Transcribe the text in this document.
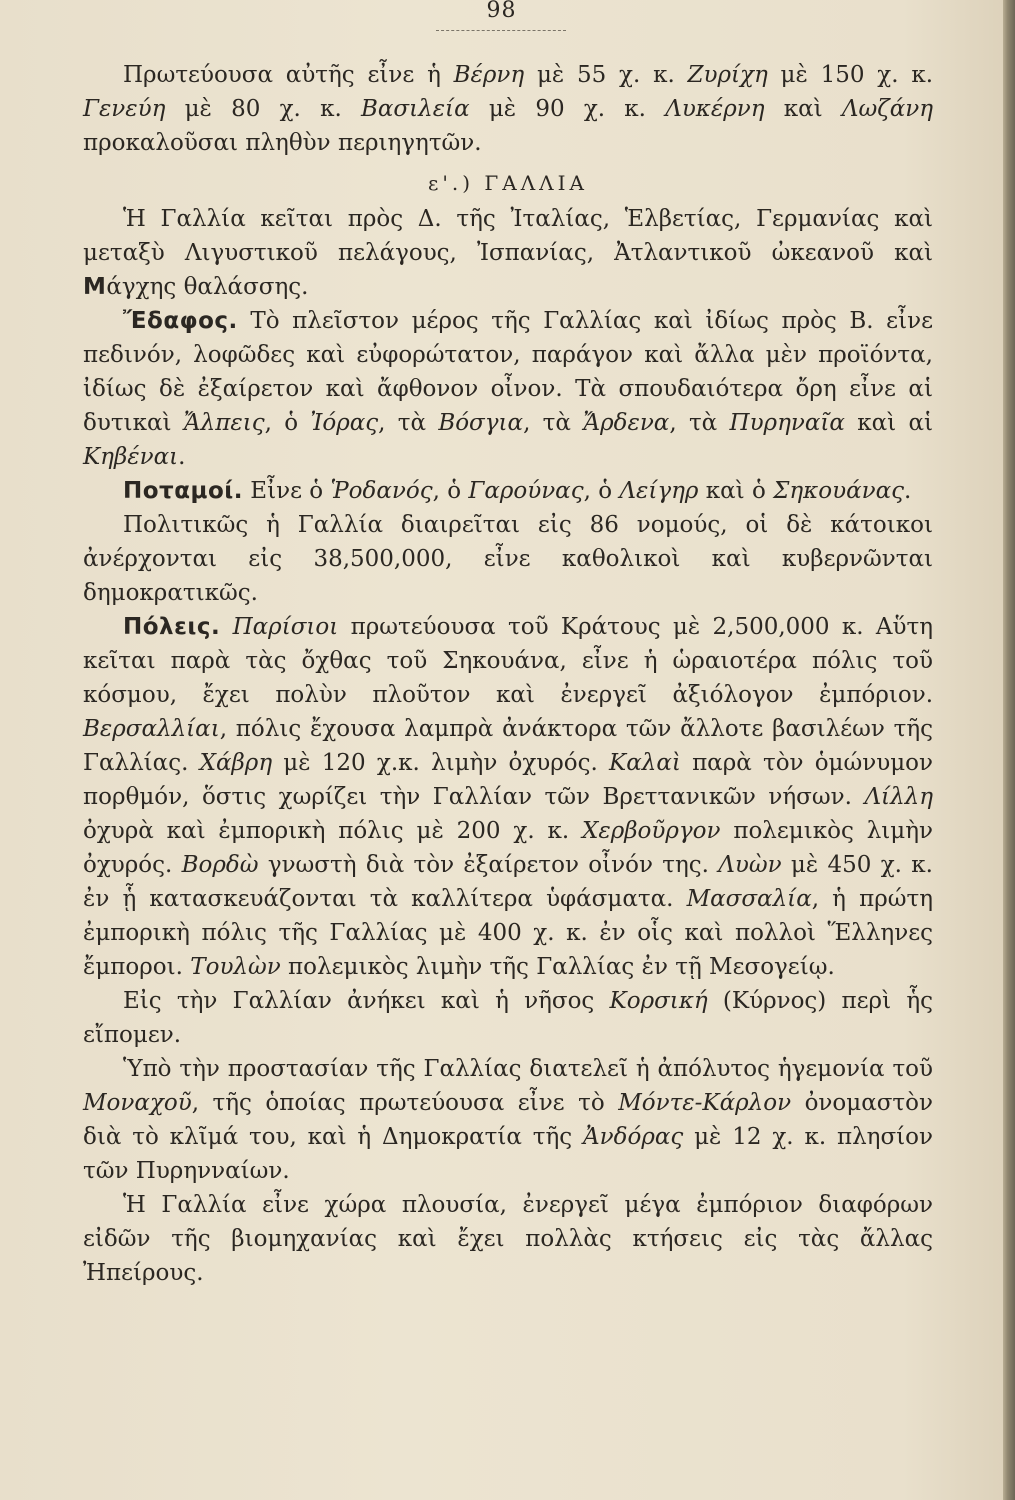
98

Πρωτεύουσα αὐτῆς εἶνε ἡ Βέρνη μὲ 55 χ. κ. Ζυρίχη μὲ 150 χ. κ. Γενεύη μὲ 80 χ. κ. Βασιλεία μὲ 90 χ. κ. Λυκέρνη καὶ Λωζάνη προκαλοῦσαι πληθὺν περιηγητῶν.

ε'.) ΓΑΛΛΙΑ

Ἡ Γαλλία κεῖται πρὸς Δ. τῆς Ἰταλίας, Ἑλβετίας, Γερμανίας καὶ μεταξὺ Λιγυστικοῦ πελάγους, Ἰσπανίας, Ἀτλαντικοῦ ὠκεανοῦ καὶ Μάγχης θαλάσσης.

Ἔδαφος. Τὸ πλεῖστον μέρος τῆς Γαλλίας καὶ ἰδίως πρὸς Β. εἶνε πεδινόν, λοφῶδες καὶ εὐφορώτατον, παράγον καὶ ἄλλα μὲν προϊόντα, ἰδίως δὲ ἐξαίρετον καὶ ἄφθονον οἶνον. Τὰ σπουδαιότερα ὄρη εἶνε αἱ δυτικαὶ Ἄλπεις, ὁ Ἰόρας, τὰ Βόσγια, τὰ Ἄρδενα, τὰ Πυρηναῖα καὶ αἱ Κηβέναι.

Ποταμοί. Εἶνε ὁ Ῥοδανός, ὁ Γαρούνας, ὁ Λείγηρ καὶ ὁ Σηκουάνας.

Πολιτικῶς ἡ Γαλλία διαιρεῖται εἰς 86 νομούς, οἱ δὲ κάτοικοι ἀνέρχονται εἰς 38,500,000, εἶνε καθολικοὶ καὶ κυβερνῶνται δημοκρατικῶς.

Πόλεις. Παρίσιοι πρωτεύουσα τοῦ Κράτους μὲ 2,500,000 κ. Αὕτη κεῖται παρὰ τὰς ὄχθας τοῦ Σηκουάνα, εἶνε ἡ ὡραιοτέρα πόλις τοῦ κόσμου, ἔχει πολὺν πλοῦτον καὶ ἐνεργεῖ ἀξιόλογον ἐμπόριον. Βερσαλλίαι, πόλις ἔχουσα λαμπρὰ ἀνάκτορα τῶν ἄλλοτε βασιλέων τῆς Γαλλίας. Χάβρη μὲ 120 χ.κ. λιμὴν ὀχυρός. Καλαὶ παρὰ τὸν ὁμώνυμον πορθμόν, ὅστις χωρίζει τὴν Γαλλίαν τῶν Βρεττανικῶν νήσων. Λίλλη ὀχυρὰ καὶ ἐμπορικὴ πόλις μὲ 200 χ. κ. Χερβοῦργον πολεμικὸς λιμὴν ὀχυρός. Βορδὼ γνωστὴ διὰ τὸν ἐξαίρετον οἶνόν της. Λυὼν μὲ 450 χ. κ. ἐν ᾗ κατασκευάζονται τὰ καλλίτερα ὑφάσματα. Μασσαλία, ἡ πρώτη ἐμπορικὴ πόλις τῆς Γαλλίας μὲ 400 χ. κ. ἐν οἷς καὶ πολλοὶ Ἕλληνες ἔμποροι. Τουλὼν πολεμικὸς λιμὴν τῆς Γαλλίας ἐν τῇ Μεσογείῳ.

Εἰς τὴν Γαλλίαν ἀνήκει καὶ ἡ νῆσος Κορσική (Κύρνος) περὶ ἧς εἴπομεν.

Ὑπὸ τὴν προστασίαν τῆς Γαλλίας διατελεῖ ἡ ἀπόλυτος ἡγεμονία τοῦ Μοναχοῦ, τῆς ὁποίας πρωτεύουσα εἶνε τὸ Μόντε-Κάρλον ὀνομαστὸν διὰ τὸ κλῖμά του, καὶ ἡ Δημοκρατία τῆς Ἀνδόρας μὲ 12 χ. κ. πλησίον τῶν Πυρηνναίων.

Ἡ Γαλλία εἶνε χώρα πλουσία, ἐνεργεῖ μέγα ἐμπόριον διαφόρων εἰδῶν τῆς βιομηχανίας καὶ ἔχει πολλὰς κτήσεις εἰς τὰς ἄλλας Ἠπείρους.
